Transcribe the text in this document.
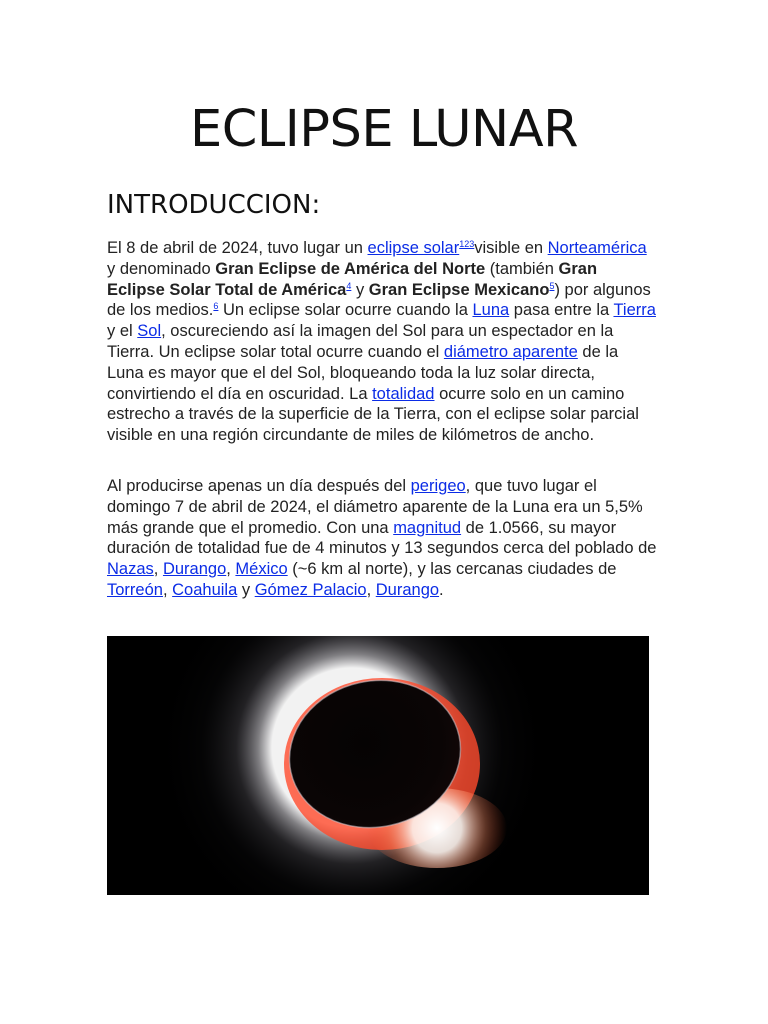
ECLIPSE LUNAR
INTRODUCCION:

El 8 de abril de 2024, tuvo lugar un eclipse solar$^{123}$visible en Norteamérica y denominado Gran Eclipse de América del Norte (también Gran Eclipse Solar Total de América$^4$ y Gran Eclipse Mexicano$^5$) por algunos de los medios.$^6$ Un eclipse solar ocurre cuando la Luna pasa entre la Tierra y el Sol, oscureciendo así la imagen del Sol para un espectador en la Tierra. Un eclipse solar total ocurre cuando el diámetro aparente de la Luna es mayor que el del Sol, bloqueando toda la luz solar directa, convirtiendo el día en oscuridad. La totalidad ocurre solo en un camino estrecho a través de la superficie de la Tierra, con el eclipse solar parcial visible en una región circundante de miles de kilómetros de ancho.

Al producirse apenas un día después del perigeo, que tuvo lugar el domingo 7 de abril de 2024, el diámetro aparente de la Luna era un 5,5% más grande que el promedio. Con una magnitud de 1.0566, su mayor duración de totalidad fue de 4 minutos y 13 segundos cerca del poblado de Nazas, Durango, México (~6 km al norte), y las cercanas ciudades de Torreón, Coahuila y Gómez Palacio, Durango.
